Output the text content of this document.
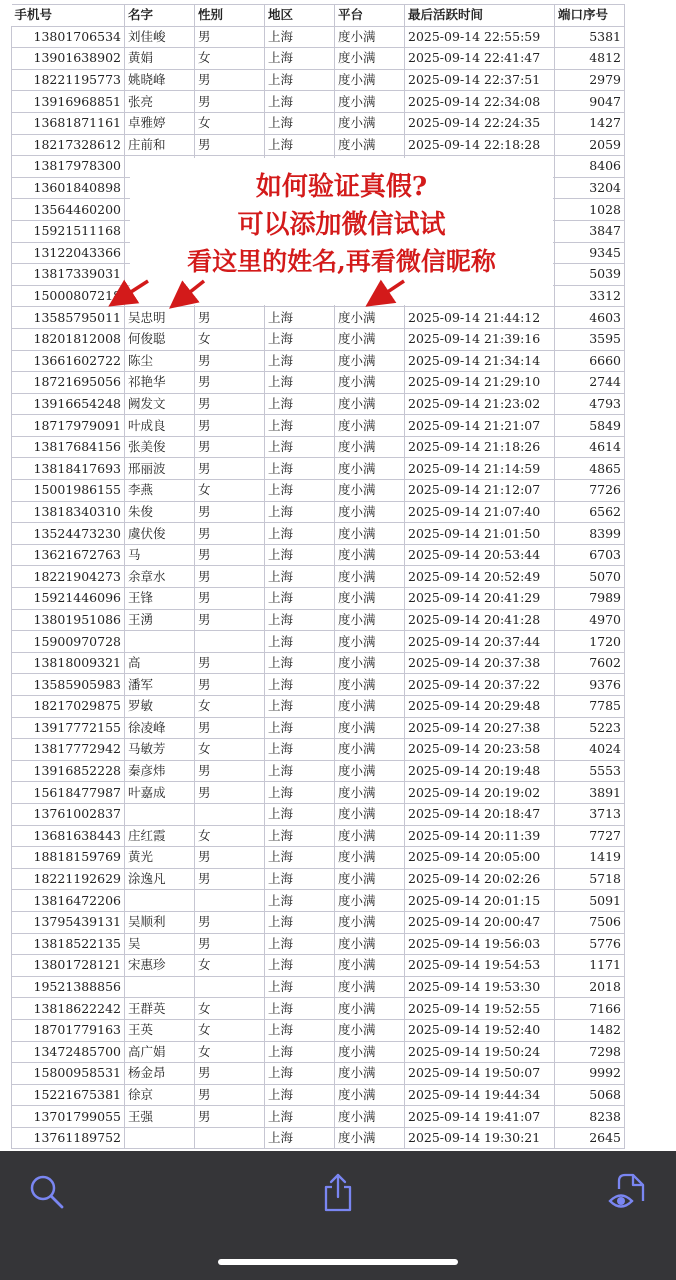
手机号	名字	性别	地区	平台	最后活跃时间	端口序号
13801706534	刘佳峻	男	上海	度小满	2025-09-14 22:55:59	5381
13901638902	黄娟	女	上海	度小满	2025-09-14 22:41:47	4812
18221195773	姚晓峰	男	上海	度小满	2025-09-14 22:37:51	2979
13916968851	张亮	男	上海	度小满	2025-09-14 22:34:08	9047
13681871161	卓雅婷	女	上海	度小满	2025-09-14 22:24:35	1427
18217328612	庄前和	男	上海	度小满	2025-09-14 22:18:28	2059
13817978300						8406
13601840898						3204
13564460200						1028
15921511168						3847
13122043366						9345
13817339031						5039
15000807218						3312
13585795011	吴忠明	男	上海	度小满	2025-09-14 21:44:12	4603
18201812008	何俊聪	女	上海	度小满	2025-09-14 21:39:16	3595
13661602722	陈尘	男	上海	度小满	2025-09-14 21:34:14	6660
18721695056	祁艳华	男	上海	度小满	2025-09-14 21:29:10	2744
13916654248	阙发文	男	上海	度小满	2025-09-14 21:23:02	4793
18717979091	叶成良	男	上海	度小满	2025-09-14 21:21:07	5849
13817684156	张美俊	男	上海	度小满	2025-09-14 21:18:26	4614
13818417693	邢丽波	男	上海	度小满	2025-09-14 21:14:59	4865
15001986155	李燕	女	上海	度小满	2025-09-14 21:12:07	7726
13818340310	朱俊	男	上海	度小满	2025-09-14 21:07:40	6562
13524473230	虞伏俊	男	上海	度小满	2025-09-14 21:01:50	8399
13621672763	马	男	上海	度小满	2025-09-14 20:53:44	6703
18221904273	余章水	男	上海	度小满	2025-09-14 20:52:49	5070
15921446096	王锋	男	上海	度小满	2025-09-14 20:41:29	7989
13801951086	王湧	男	上海	度小满	2025-09-14 20:41:28	4970
15900970728			上海	度小满	2025-09-14 20:37:44	1720
13818009321	高	男	上海	度小满	2025-09-14 20:37:38	7602
13585905983	潘军	男	上海	度小满	2025-09-14 20:37:22	9376
18217029875	罗敏	女	上海	度小满	2025-09-14 20:29:48	7785
13917772155	徐凌峰	男	上海	度小满	2025-09-14 20:27:38	5223
13817772942	马敏芳	女	上海	度小满	2025-09-14 20:23:58	4024
13916852228	秦彦炜	男	上海	度小满	2025-09-14 20:19:48	5553
15618477987	叶嘉成	男	上海	度小满	2025-09-14 20:19:02	3891
13761002837			上海	度小满	2025-09-14 20:18:47	3713
13681638443	庄红霞	女	上海	度小满	2025-09-14 20:11:39	7727
18818159769	黄光	男	上海	度小满	2025-09-14 20:05:00	1419
18221192629	涂逸凡	男	上海	度小满	2025-09-14 20:02:26	5718
13816472206			上海	度小满	2025-09-14 20:01:15	5091
13795439131	吴顺利	男	上海	度小满	2025-09-14 20:00:47	7506
13818522135	吴	男	上海	度小满	2025-09-14 19:56:03	5776
13801728121	宋惠珍	女	上海	度小满	2025-09-14 19:54:53	1171
19521388856			上海	度小满	2025-09-14 19:53:30	2018
13818622242	王群英	女	上海	度小满	2025-09-14 19:52:55	7166
18701779163	王英	女	上海	度小满	2025-09-14 19:52:40	1482
13472485700	高广娟	女	上海	度小满	2025-09-14 19:50:24	7298
15800958531	杨金昂	男	上海	度小满	2025-09-14 19:50:07	9992
15221675381	徐京	男	上海	度小满	2025-09-14 19:44:34	5068
13701799055	王强	男	上海	度小满	2025-09-14 19:41:07	8238
13761189752			上海	度小满	2025-09-14 19:30:21	2645
如何验证真假?
可以添加微信试试
看这里的姓名,再看微信昵称
